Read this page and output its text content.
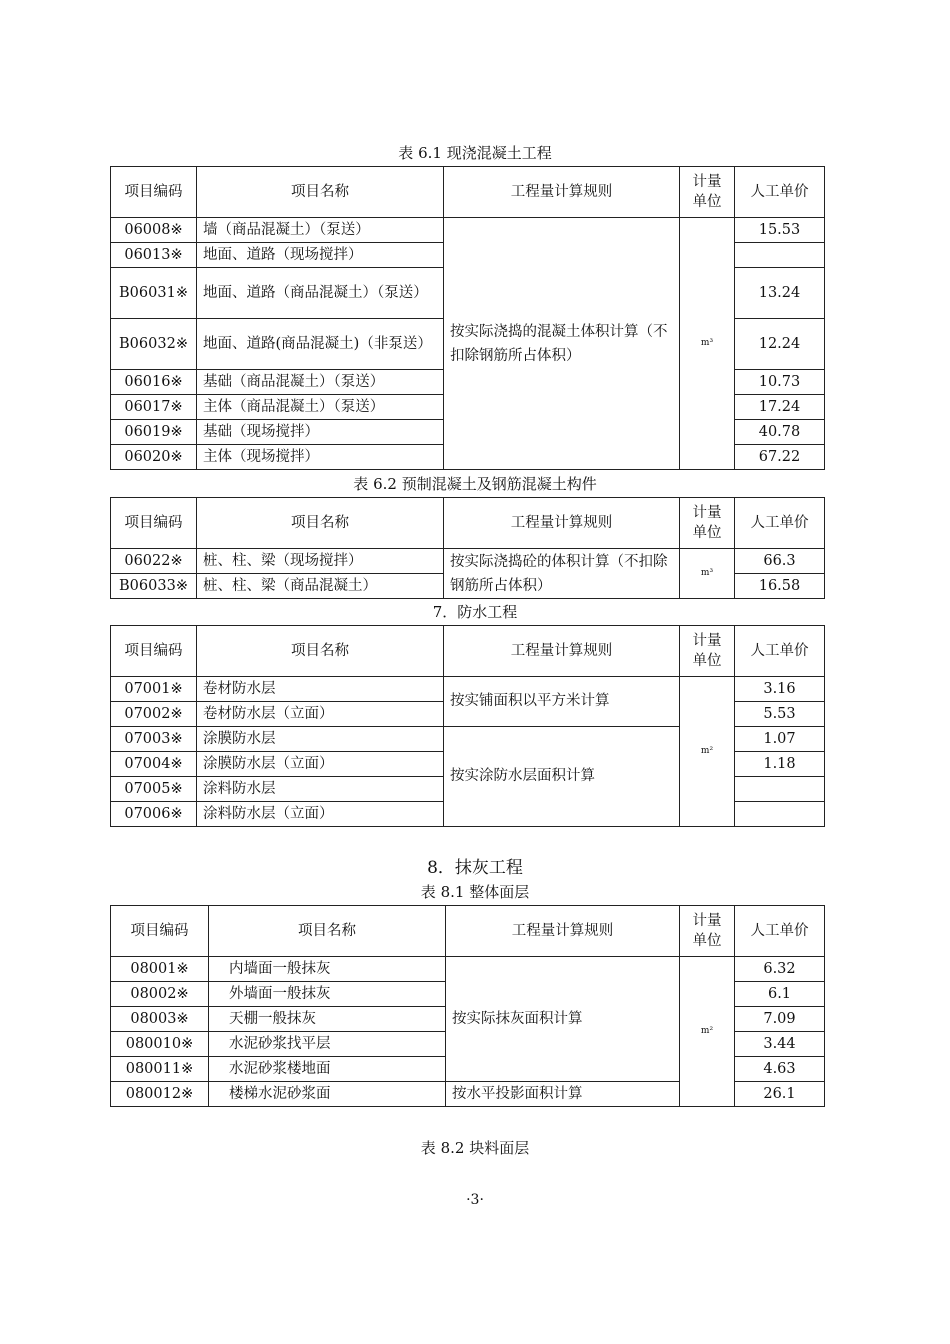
表 6.1 现浇混凝土工程
项目编码	项目名称	工程量计算规则	计量
单位	人工单价
06008※	墙（商品混凝土）（泵送）	按实际浇捣的混凝土体积计算（不扣除钢筋所占体积）	m³	15.53
06013※	地面、道路（现场搅拌）			
B06031※	地面、道路（商品混凝土）（泵送）			13.24
B06032※	地面、道路(商品混凝土)（非泵送）			12.24
06016※	基础（商品混凝土）（泵送）			10.73
06017※	主体（商品混凝土）（泵送）			17.24
06019※	基础（现场搅拌）			40.78
06020※	主体（现场搅拌）			67.22
表 6.2 预制混凝土及钢筋混凝土构件
项目编码	项目名称	工程量计算规则	计量
单位	人工单价
06022※	桩、柱、梁（现场搅拌）	按实际浇捣砼的体积计算（不扣除钢筋所占体积）	m³	66.3
B06033※	桩、柱、梁（商品混凝土）			16.58
7．防水工程
项目编码	项目名称	工程量计算规则	计量
单位	人工单价
07001※	卷材防水层	按实铺面积以平方米计算	m²	3.16
07002※	卷材防水层（立面）			5.53
07003※	涂膜防水层	按实涂防水层面积计算		1.07
07004※	涂膜防水层（立面）			1.18
07005※	涂料防水层			
07006※	涂料防水层（立面）			
8．抹灰工程
表 8.1 整体面层
项目编码	项目名称	工程量计算规则	计量
单位	人工单价
08001※	内墙面一般抹灰	按实际抹灰面积计算	m²	6.32
08002※	外墙面一般抹灰			6.1
08003※	天棚一般抹灰			7.09
080010※	水泥砂浆找平层			3.44
080011※	水泥砂浆楼地面			4.63
080012※	楼梯水泥砂浆面	按水平投影面积计算		26.1
表 8.2 块料面层
·3·
